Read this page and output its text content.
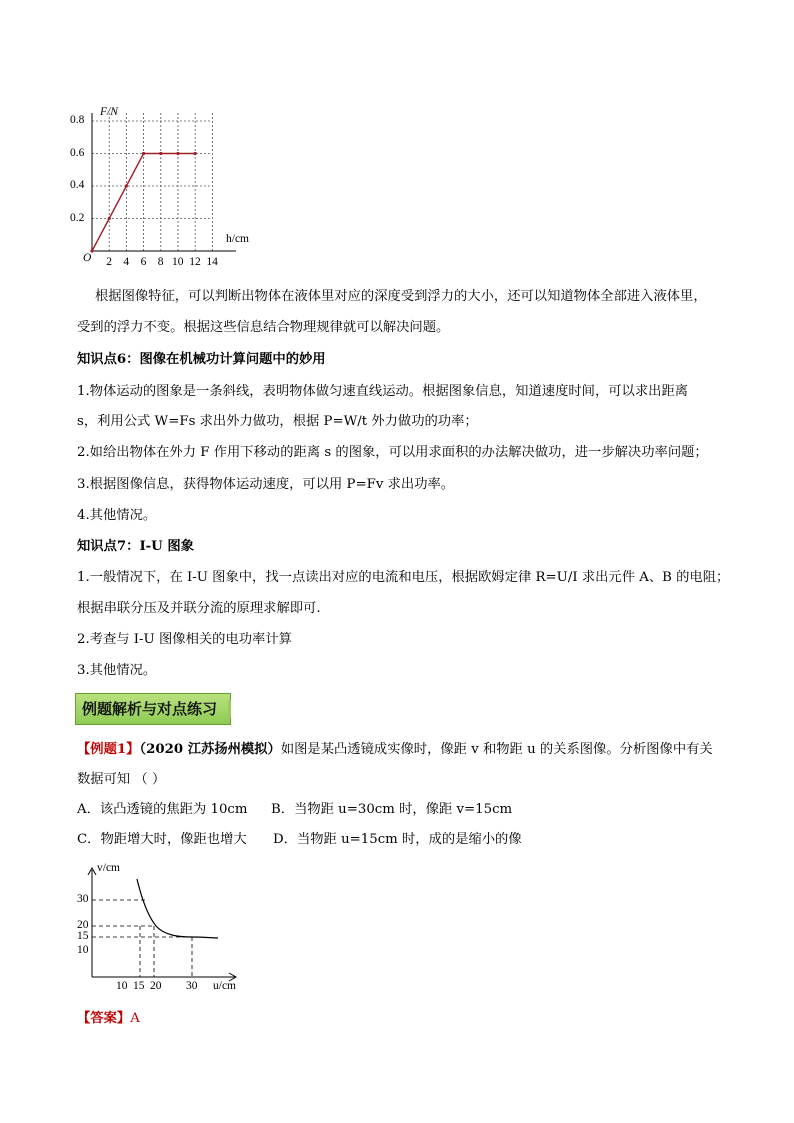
F/N
h/cm
O
0.8
0.6
0.4
0.2
2 4 6 8 10 12 14
根据图像特征，可以判断出物体在液体里对应的深度受到浮力的大小，还可以知道物体全部进入液体里，
受到的浮力不变。根据这些信息结合物理规律就可以解决问题。
知识点6：图像在机械功计算问题中的妙用
1.物体运动的图象是一条斜线，表明物体做匀速直线运动。根据图象信息，知道速度时间，可以求出距离
s，利用公式 W=Fs 求出外力做功，根据 P=W/t 外力做功的功率；
2.如给出物体在外力 F 作用下移动的距离 s 的图象，可以用求面积的办法解决做功，进一步解决功率问题；
3.根据图像信息，获得物体运动速度，可以用 P=Fv 求出功率。
4.其他情况。
知识点7：I-U 图象
1.一般情况下，在 I-U 图象中，找一点读出对应的电流和电压，根据欧姆定律 R=U/I 求出元件 A、B 的电阻；
根据串联分压及并联分流的原理求解即可.
2.考查与 I-U 图像相关的电功率计算
3.其他情况。
例题解析与对点练习
【例题1】（2020 江苏扬州模拟）如图是某凸透镜成实像时，像距 v 和物距 u 的关系图像。分析图像中有关
数据可知 （ ）
A．该凸透镜的焦距为 10cm B．当物距 u=30cm 时，像距 v=15cm
C．物距增大时，像距也增大 D．当物距 u=15cm 时，成的是缩小的像
30
20
15
10
10 15 20 30
v/cm
u/cm
【答案】A
